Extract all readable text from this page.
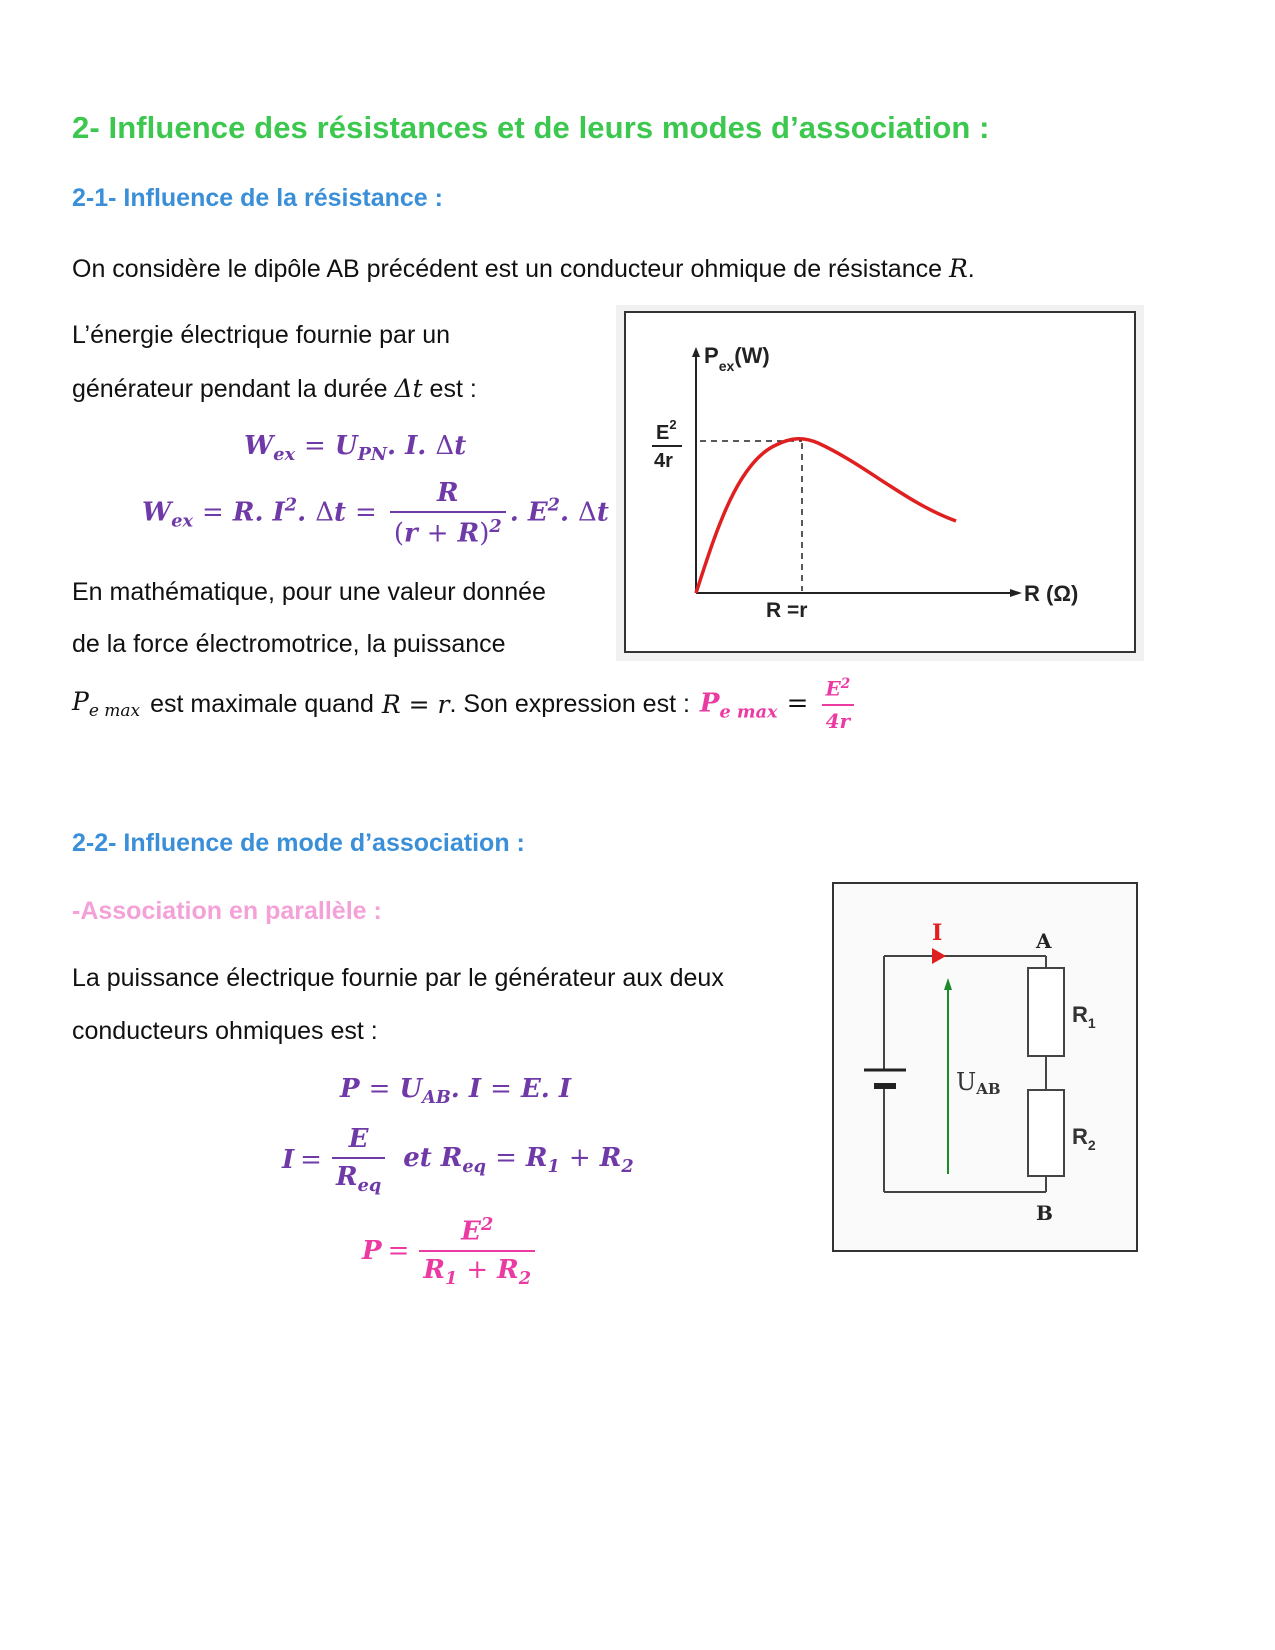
2- Influence des résistances et de leurs modes d’association :
2-1- Influence de la résistance :
On considère le dipôle AB précédent est un conducteur ohmique de résistance R.
L’énergie électrique fournie par un
générateur pendant la durée Δt est :
$W_{ex} = U_{PN}$. I. Δt
$W_{ex} = R$. $I^2$. $\Delta t = \frac{R}{(r + R)^2}$ . $E^2$. Δt
En mathématique, pour une valeur donnée
de la force électromotrice, la puissance
$P_{e max}$ est maximale quand R = r . Son expression est : $P_{e max} = \frac{E^2}{4r}$
$P_{ex}(W)$
$E^2$
4r
R =r
R (Ω)
2-2- Influence de mode d’association :
-Association en parallèle :
La puissance électrique fournie par le générateur aux deux
conducteurs ohmiques est :
$P = U_{AB}$. I = E. I
$I = \frac{E}{R_{eq}}$ et $R_{eq} = R_1 + R_2$
$P = \frac{E^2}{R_1 + R_2}$
I
UAB
A
B
$R_1$
$R_2$
